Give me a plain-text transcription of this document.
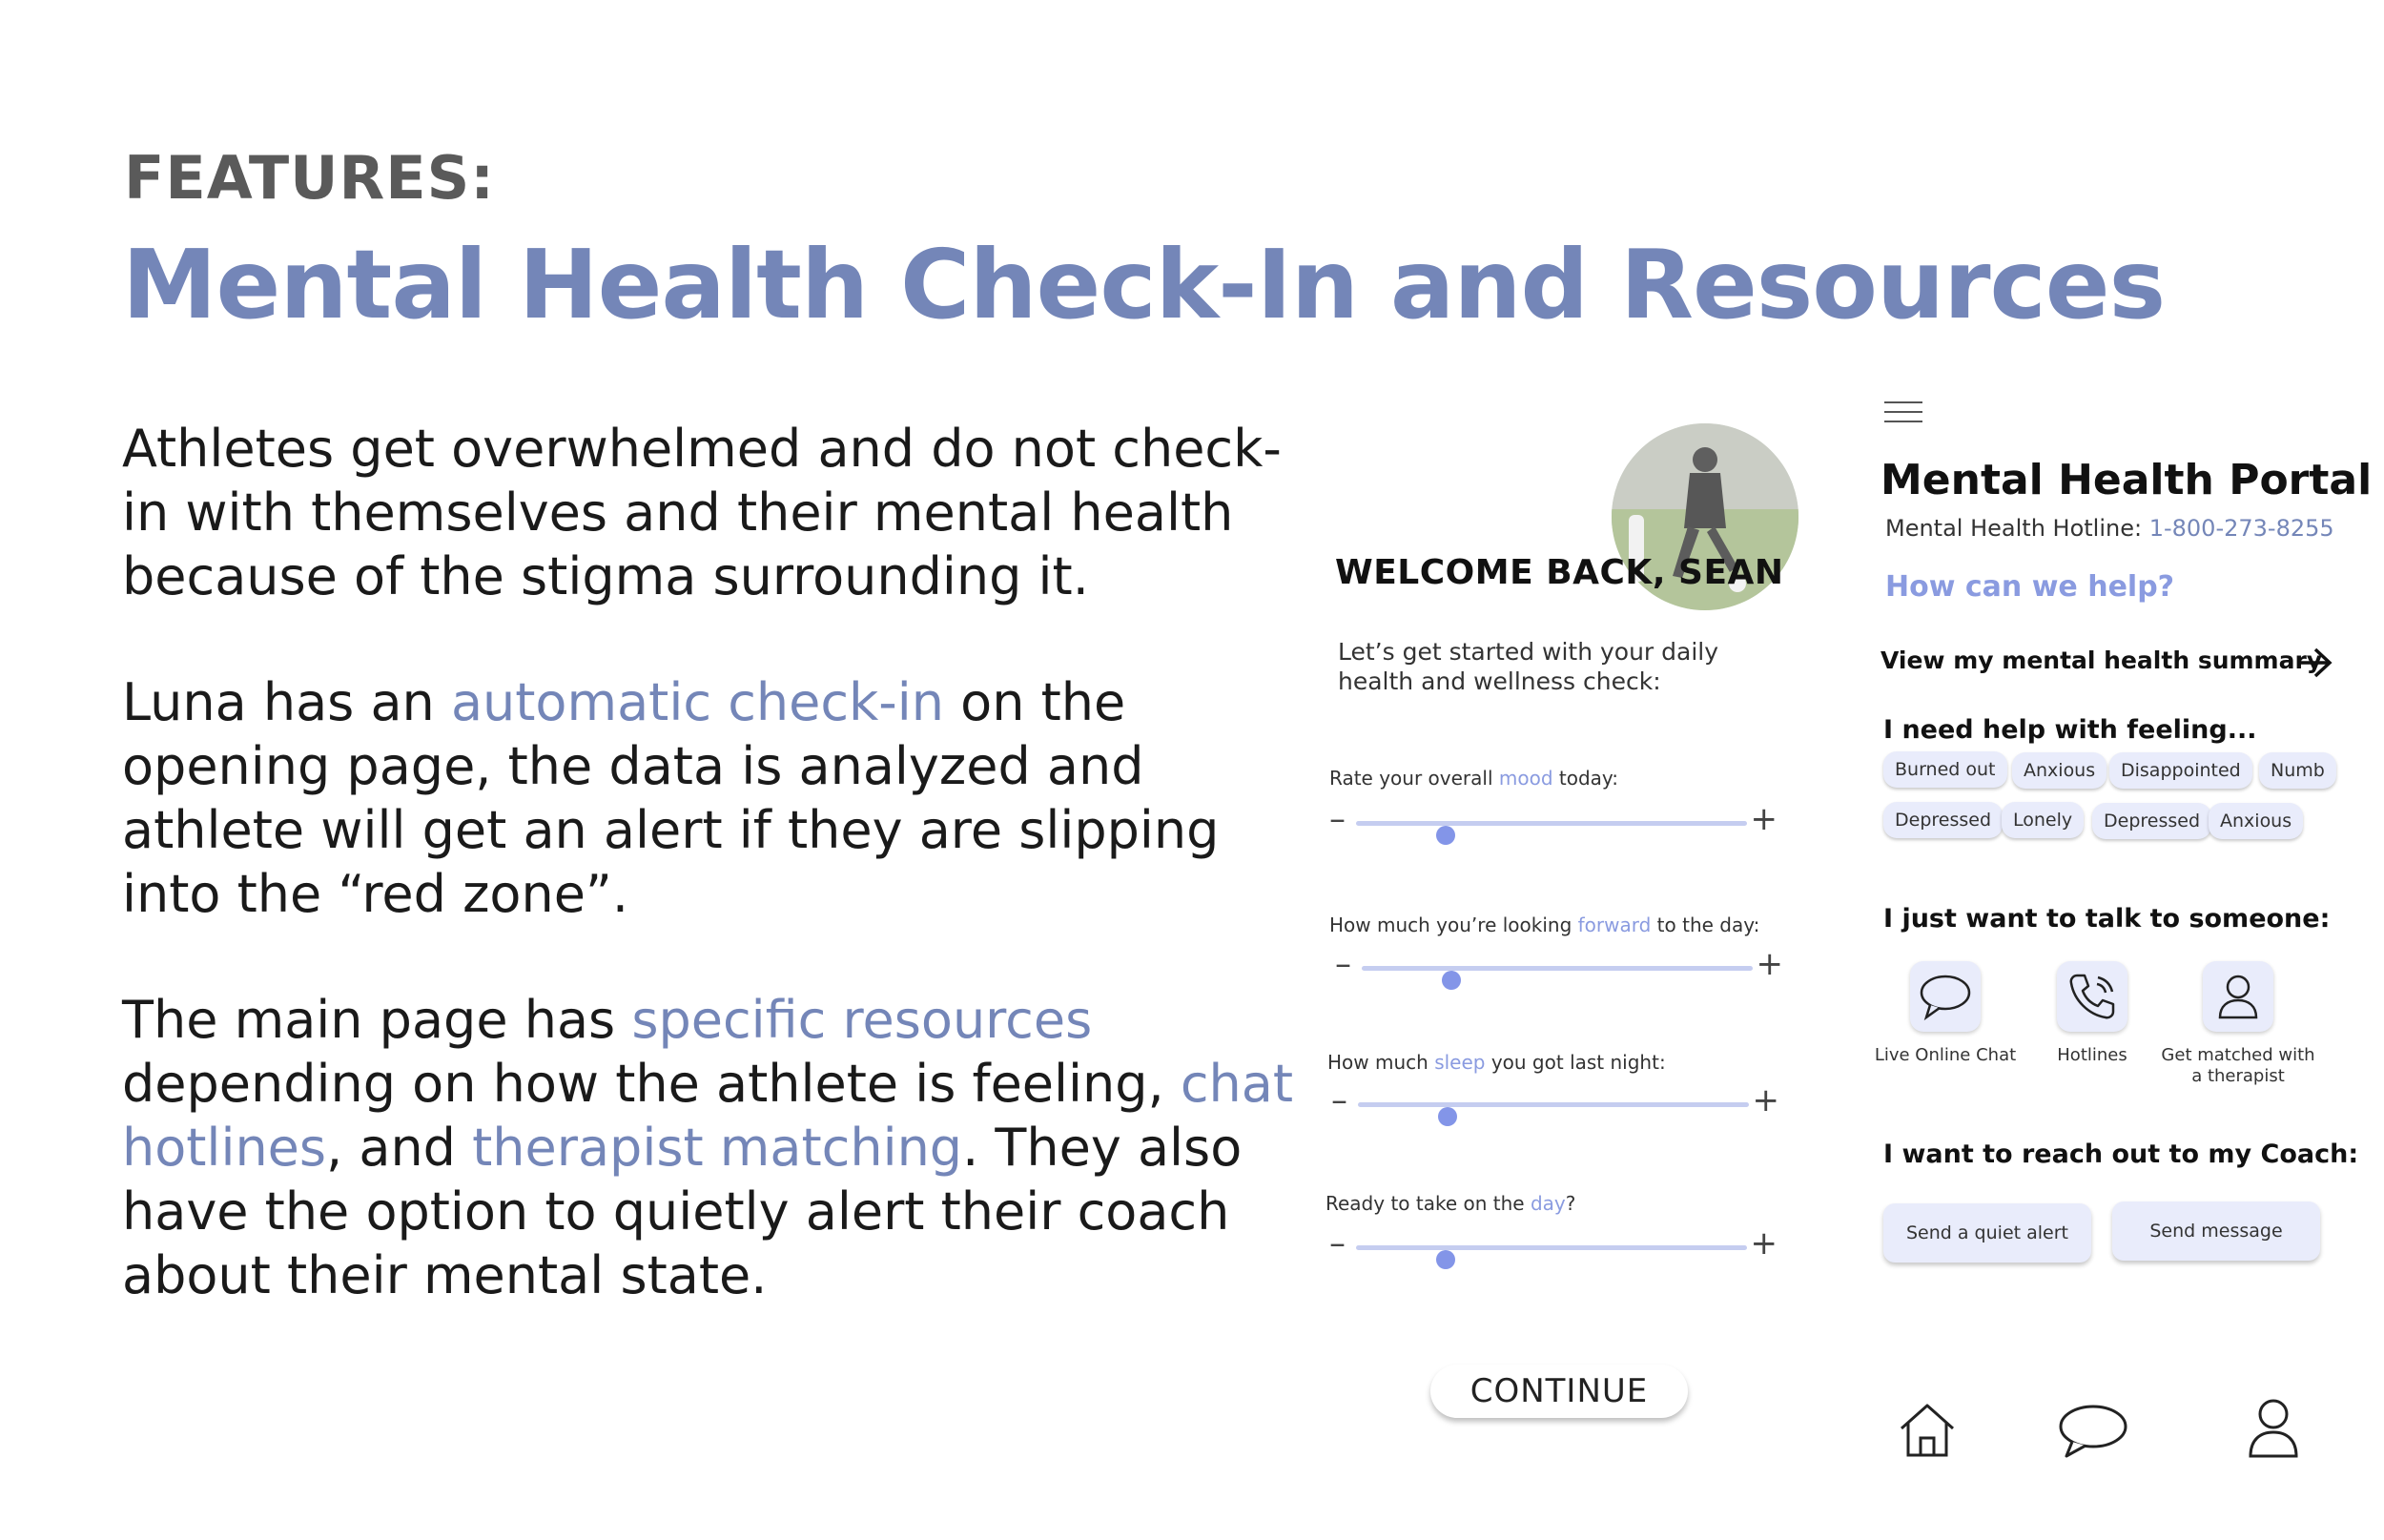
FEATURES:
Mental Health Check-In and Resources

Athletes get overwhelmed and do not check-in with themselves and their mental health because of the stigma surrounding it.

Luna has an automatic check-in on the opening page, the data is analyzed and athlete will get an alert if they are slipping into the “red zone”.

The main page has specific resources depending on how the athlete is feeling, chat hotlines, and therapist matching. They also have the option to quietly alert their coach about their mental state.

WELCOME BACK, SEAN
Let’s get started with your daily health and wellness check:
Rate your overall mood today:
–	+
How much you’re looking forward to the day:
–	+
How much sleep you got last night:
–	+
Ready to take on the day?
–	+
CONTINUE
Mental Health Portal
Mental Health Hotline: 1-800-273-8255
How can we help?
View my mental health summary
I need help with feeling...
Burned out	Anxious	Disappointed	Numb
Depressed	Lonely	Depressed	Anxious
I just want to talk to someone:
Live Online Chat	Hotlines	Get matched with a therapist
I want to reach out to my Coach:
Send a quiet alert	Send message
